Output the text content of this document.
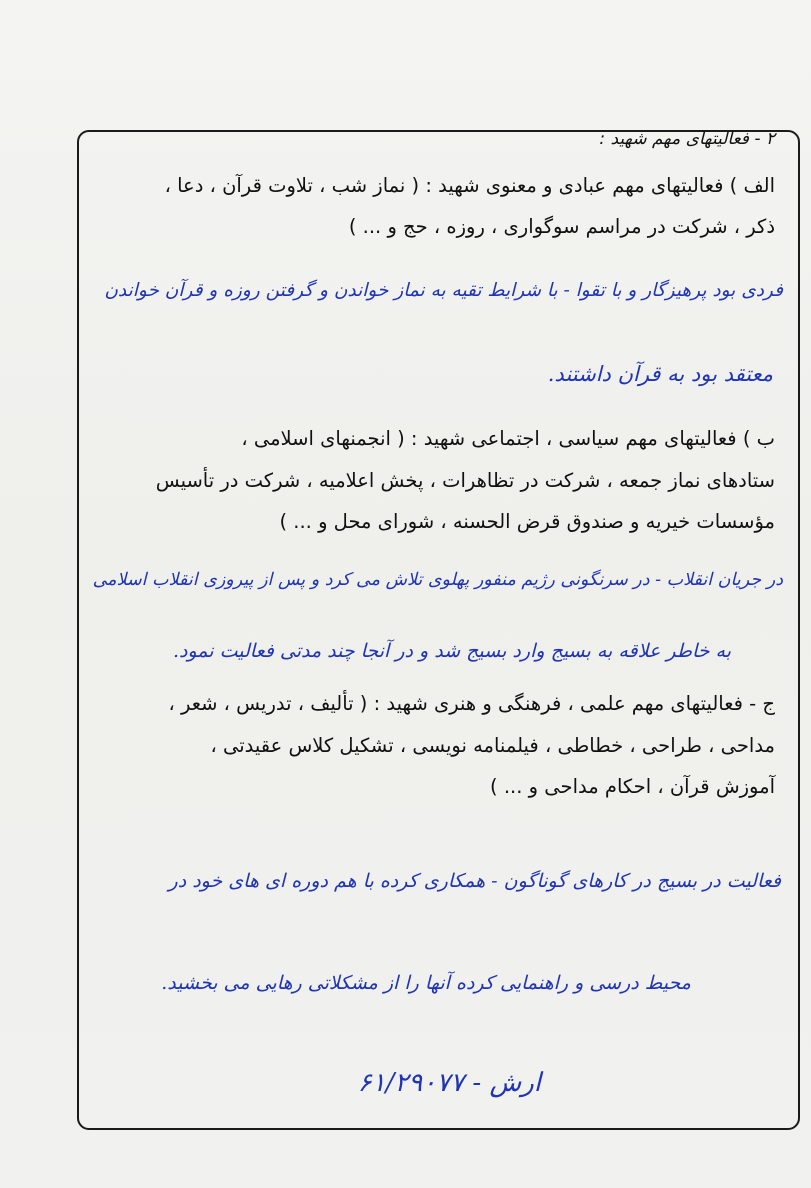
۲ - فعالیتهای مهم شهید :
الف ) فعالیتهای مهم عبادی و معنوی شهید : ( نماز شب ، تلاوت قرآن ، دعا ،
ذکر ، شرکت در مراسم سوگواری ، روزه ، حج و ... )
فردی بود پرهیزگار و با تقوا - با شرایط تقیه به نماز خواندن و گرفتن روزه و قرآن خواندن
معتقد بود به قرآن داشتند.
ب ) فعالیتهای مهم سیاسی ، اجتماعی شهید : ( انجمنهای اسلامی ،
ستادهای نماز جمعه ، شرکت در تظاهرات ، پخش اعلامیه ، شرکت در تأسیس
مؤسسات خیریه و صندوق قرض الحسنه ، شورای محل و ... )
در جریان انقلاب - در سرنگونی رژیم منفور پهلوی تلاش می کرد و پس از پیروزی انقلاب اسلامی
به خاطر علاقه به بسیج وارد بسیج شد و در آنجا چند مدتی فعالیت نمود.
ج - فعالیتهای مهم علمی ، فرهنگی و هنری شهید : ( تألیف ، تدریس ، شعر ،
مداحی ، طراحی ، خطاطی ، فیلمنامه نویسی ، تشکیل کلاس عقیدتی ،
آموزش قرآن ، احکام مداحی و ... )
فعالیت در بسیج در کارهای گوناگون - همکاری کرده با هم دوره ای های خود در
محیط درسی و راهنمایی کرده آنها را از مشکلاتی رهایی می بخشید.
ارش - ۶۱/۲۹۰۷۷
